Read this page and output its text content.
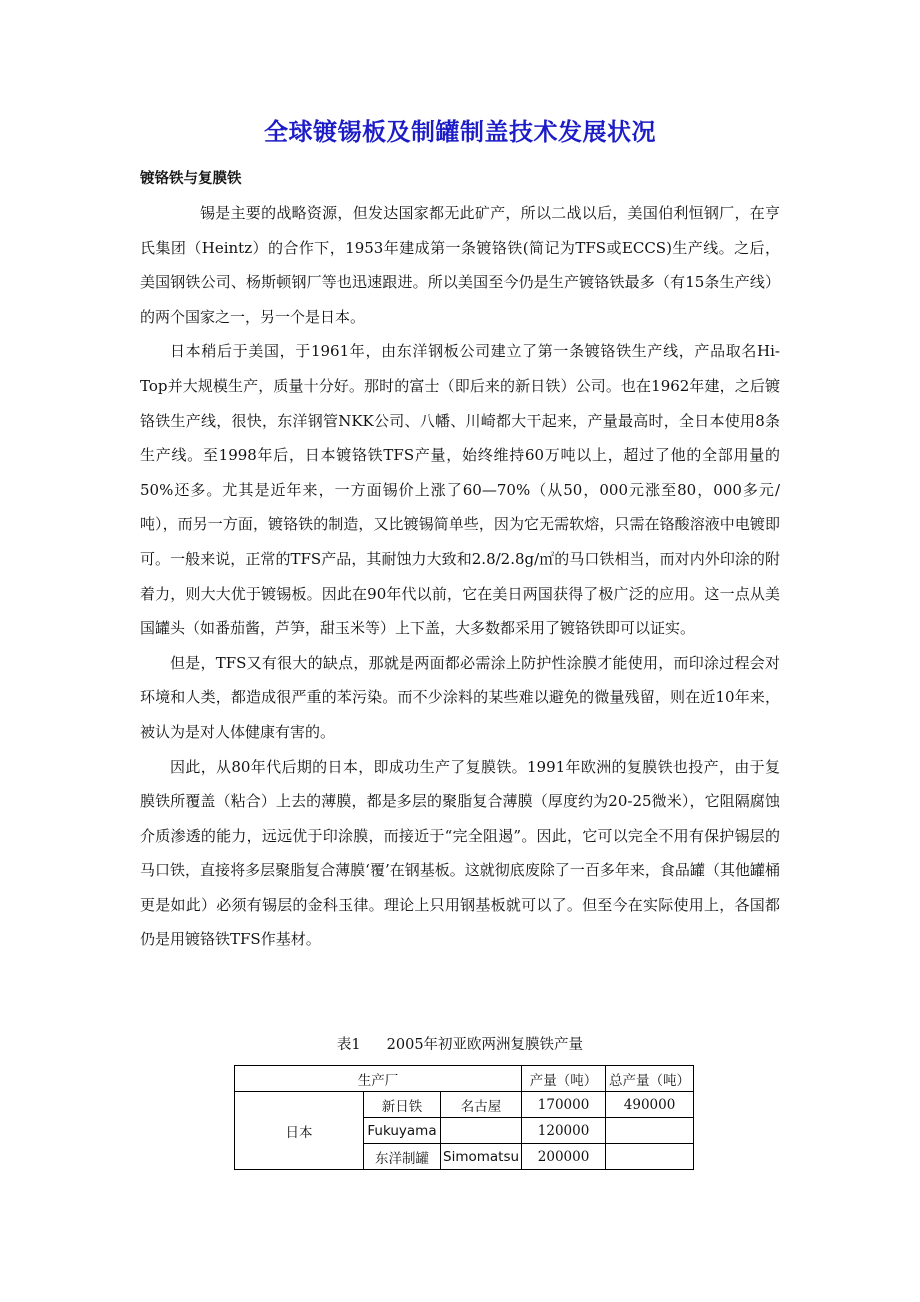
全球镀锡板及制罐制盖技术发展状况
镀铬铁与复膜铁

锡是主要的战略资源，但发达国家都无此矿产，所以二战以后，美国伯利恒钢厂，在亨氏集团（Heintz）的合作下，1953年建成第一条镀铬铁(简记为TFS或ECCS)生产线。之后，美国钢铁公司、杨斯顿钢厂等也迅速跟进。所以美国至今仍是生产镀铬铁最多（有15条生产线）的两个国家之一，另一个是日本。

日本稍后于美国，于1961年，由东洋钢板公司建立了第一条镀铬铁生产线，产品取名Hi-Top并大规模生产，质量十分好。那时的富士（即后来的新日铁）公司。也在1962年建，之后镀铬铁生产线，很快，东洋钢管NKK公司、八幡、川崎都大干起来，产量最高时，全日本使用8条生产线。至1998年后，日本镀铬铁TFS产量，始终维持60万吨以上，超过了他的全部用量的50%还多。尤其是近年来，一方面锡价上涨了60—70%（从50，000元涨至80，000多元/吨），而另一方面，镀铬铁的制造，又比镀锡简单些，因为它无需软熔，只需在铬酸溶液中电镀即可。一般来说，正常的TFS产品，其耐蚀力大致和2.8/2.8g/㎡的马口铁相当，而对内外印涂的附着力，则大大优于镀锡板。因此在90年代以前，它在美日两国获得了极广泛的应用。这一点从美国罐头（如番茄酱，芦笋，甜玉米等）上下盖，大多数都采用了镀铬铁即可以证实。

但是，TFS又有很大的缺点，那就是两面都必需涂上防护性涂膜才能使用，而印涂过程会对环境和人类，都造成很严重的苯污染。而不少涂料的某些难以避免的微量残留，则在近10年来，被认为是对人体健康有害的。

因此，从80年代后期的日本，即成功生产了复膜铁。1991年欧洲的复膜铁也投产，由于复膜铁所覆盖（粘合）上去的薄膜，都是多层的聚脂复合薄膜（厚度约为20-25微米），它阻隔腐蚀介质渗透的能力，远远优于印涂膜，而接近于“完全阻遏”。因此，它可以完全不用有保护锡层的马口铁，直接将多层聚脂复合薄膜‘覆’在钢基板。这就彻底废除了一百多年来，食品罐（其他罐桶更是如此）必须有锡层的金科玉律。理论上只用钢基板就可以了。但至今在实际使用上，各国都仍是用镀铬铁TFS作基材。

表1 2005年初亚欧两洲复膜铁产量

生产厂			产量（吨）	总产量（吨）
日本	新日铁	名古屋	170000	490000
	Fukuyama		120000	
	东洋制罐	Simomatsu	200000	
